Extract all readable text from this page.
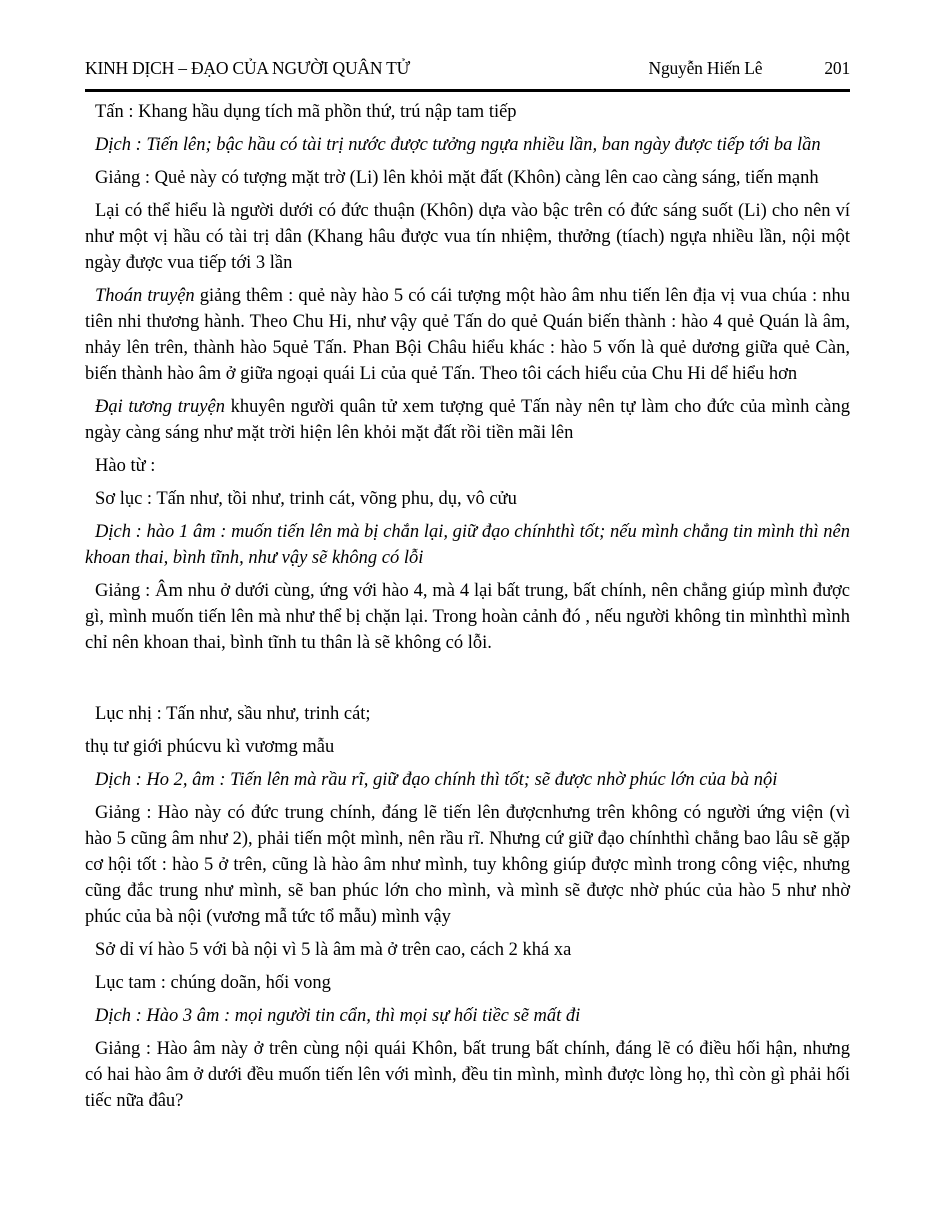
KINH DỊCH – ĐẠO CỦA NGƯỜI QUÂN TỬ	Nguyễn Hiến Lê	201

Tấn : Khang hầu dụng tích mã phồn thứ, trú nập tam tiếp

Dịch : Tiến lên; bậc hầu có tài trị nước được tưởng ngựa nhiều lần, ban ngày được tiếp tới ba lần

Giảng : Quẻ này có tượng mặt trờ (Li) lên khỏi mặt đất (Khôn) càng lên cao càng sáng, tiến mạnh

Lại có thể hiểu là người dưới có đức thuận (Khôn) dựa vào bậc trên có đức sáng suốt (Li) cho nên ví như một vị hầu có tài trị dân (Khang hâu được vua tín nhiệm, thưởng (tíach) ngựa nhiều lần, nội một ngày được vua tiếp tới 3 lần

Thoán truyện giảng thêm : quẻ này hào 5 có cái tượng một hào âm nhu tiến lên địa vị vua chúa : nhu tiên nhi thương hành. Theo Chu Hi, như vậy quẻ Tấn do quẻ Quán biến thành : hào 4 quẻ Quán là âm, nhảy lên trên, thành hào 5quẻ Tấn. Phan Bội Châu hiểu khác : hào 5 vốn là quẻ dương giữa quẻ Càn, biến thành hào âm ở giữa ngoại quái Li của quẻ Tấn. Theo tôi cách hiểu của Chu Hi dể hiểu hơn

Đại tương truyện khuyên người quân tử xem tượng quẻ Tấn này nên tự làm cho đức của mình càng ngày càng sáng như mặt trời hiện lên khỏi mặt đất rồi tiền mãi lên

Hào từ :

Sơ lục : Tấn như, tồi như, trinh cát, võng phu, dụ, vô cửu

Dịch : hào 1 âm : muốn tiến lên mà bị chắn lại, giữ đạo chínhthì tốt; nếu mình chẳng tin mình thì nên khoan thai, bình tĩnh, như vậy sẽ không có lỗi

Giảng : Âm nhu ở dưới cùng, ứng với hào 4, mà 4 lại bất trung, bất chính, nên chẳng giúp mình được gì, mình muốn tiến lên mà như thể bị chặn lại. Trong hoàn cảnh đó , nếu người không tin mìnhthì mình chỉ nên khoan thai, bình tĩnh tu thân là sẽ không có lỗi.

Lục nhị : Tấn như, sầu như, trinh cát;

thụ tư giới phúcvu kì vươmg mẫu

Dịch : Ho 2, âm : Tiến lên mà rầu rĩ, giữ đạo chính thì tốt; sẽ được nhờ phúc lớn của bà nội

Giảng : Hào này có đức trung chính, đáng lẽ tiến lên đượcnhưng trên không có người ứng viện (vì hào 5 cũng âm như 2), phải tiến một mình, nên rầu rĩ. Nhưng cứ giữ đạo chínhthì chẳng bao lâu sẽ gặp cơ hội tốt : hào 5 ở trên, cũng là hào âm như mình, tuy không giúp được mình trong công việc, nhưng cũng đắc trung như mình, sẽ ban phúc lớn cho mình, và mình sẽ được nhờ phúc của hào 5 như nhờ phúc của bà nội (vương mẫ tức tổ mẫu) mình vậy

Sở dỉ ví hào 5 với bà nội vì 5 là âm mà ở trên cao, cách 2 khá xa

Lục tam : chúng doãn, hối vong

Dịch : Hào 3 âm : mọi người tin cẩn, thì mọi sự hối tiềc sẽ mất đi

Giảng : Hào âm này ở trên cùng nội quái Khôn, bất trung bất chính, đáng lẽ có điều hối hận, nhưng có hai hào âm ở dưới đều muốn tiến lên với mình, đều tin mình, mình được lòng họ, thì còn gì phải hối tiếc nữa đâu?
